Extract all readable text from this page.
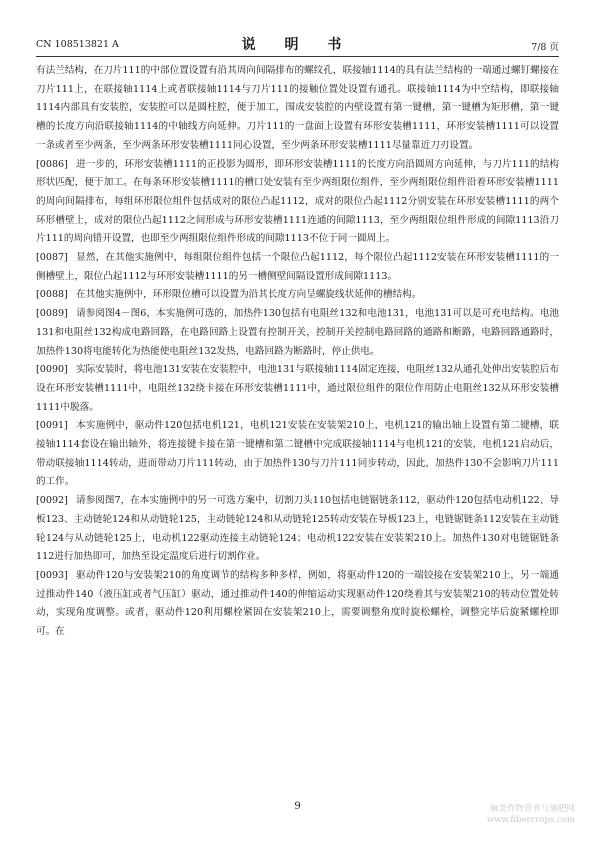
CN 108513821 A	说 明 书	7/8 页

有法兰结构，在刀片111的中部位置设置有沿其周向间隔排布的螺纹孔，联接轴1114的具有法兰结构的一端通过螺钉螺接在刀片111上，在联接轴1114上或者联接轴1114与刀片111的接触位置处设置有通孔。联接轴1114为中空结构，即联接轴1114内部具有安装腔，安装腔可以是圆柱腔，便于加工，围成安装腔的内壁设置有第一键槽，第一键槽为矩形槽，第一键槽的长度方向沿联接轴1114的中轴线方向延伸。刀片111的一盘面上设置有环形安装槽1111，环形安装槽1111可以设置一条或者至少两条，至少两条环形安装槽1111同心设置，至少两条环形安装槽1111尽量靠近刀刃设置。

[0086] 进一步的，环形安装槽1111的正投影为圆形，即环形安装槽1111的长度方向沿圆周方向延伸，与刀片111的结构形状匹配，便于加工。在每条环形安装槽1111的槽口处安装有至少两组限位组件，至少两组限位组件沿着环形安装槽1111的周向间隔排布，每组环形限位组件包括成对的限位凸起1112，成对的限位凸起1112分别安装在环形安装槽1111的两个环形槽壁上，成对的限位凸起1112之间形成与环形安装槽1111连通的间隙1113，至少两组限位组件形成的间隙1113沿刀片111的周向错开设置，也即至少两组限位组件形成的间隙1113不位于同一圆周上。

[0087] 显然，在其他实施例中，每组限位组件包括一个限位凸起1112，每个限位凸起1112安装在环形安装槽1111的一侧槽壁上，限位凸起1112与环形安装槽1111的另一槽侧壁间隔设置形成间隙1113。

[0088] 在其他实施例中，环形限位槽可以设置为沿其长度方向呈螺旋线状延伸的槽结构。

[0089] 请参阅图4－图6，本实施例可选的，加热件130包括有电阻丝132和电池131，电池131可以是可充电结构。电池131和电阻丝132构成电路回路，在电路回路上设置有控制开关，控制开关控制电路回路的通路和断路，电路回路通路时，加热件130将电能转化为热能使电阻丝132发热，电路回路为断路时，停止供电。

[0090] 实际安装时，将电池131安装在安装腔中，电池131与联接轴1114固定连接，电阻丝132从通孔处伸出安装腔后布设在环形安装槽1111中，电阻丝132绕卡接在环形安装槽1111中，通过限位组件的限位作用防止电阻丝132从环形安装槽1111中脱落。

[0091] 本实施例中，驱动件120包括电机121，电机121安装在安装架210上，电机121的输出轴上设置有第二键槽，联接轴1114套设在输出轴外，将连接键卡接在第一键槽和第二键槽中完成联接轴1114与电机121的安装，电机121启动后，带动联接轴1114转动，进而带动刀片111转动，由于加热件130与刀片111同步转动，因此，加热件130不会影响刀片111的工作。

[0092] 请参阅图7，在本实施例中的另一可选方案中，切割刀头110包括电链锯链条112，驱动件120包括电动机122、导板123、主动链轮124和从动链轮125，主动链轮124和从动链轮125转动安装在导板123上，电链锯链条112安装在主动链轮124与从动链轮125上，电动机122驱动连接主动链轮124；电动机122安装在安装架210上。加热件130对电链锯链条112进行加热即可，加热至设定温度后进行切割作业。

[0093] 驱动件120与安装架210的角度调节的结构多种多样，例如，将驱动件120的一端铰接在安装架210上，另一端通过推动件140（液压缸或者气压缸）驱动，通过推动件140的伸缩运动实现驱动件120绕着其与安装架210的转动位置处转动，实现角度调整。或者，驱动件120利用螺栓紧固在安装架210上，需要调整角度时旋松螺栓，调整完毕后旋紧螺栓即可。在

9	麻类作物营养与施肥网
www.fibercrops.com
